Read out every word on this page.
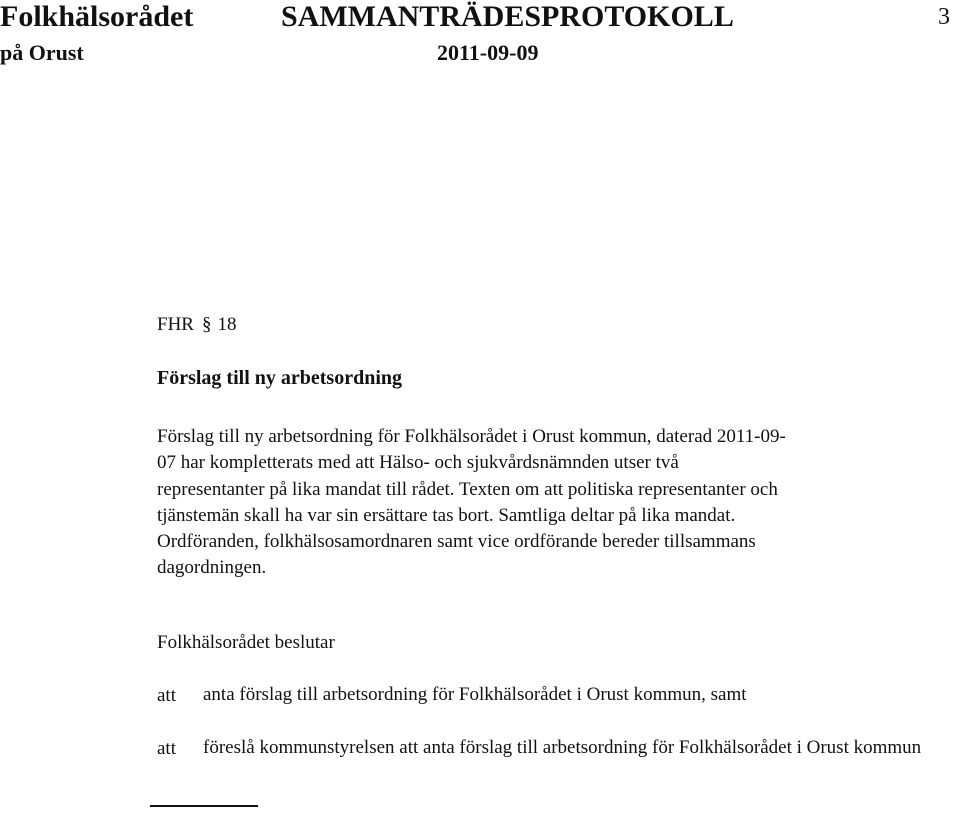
Folkhälsorådet	SAMMANTRÄDESPROTOKOLL	3
på Orust	2011-09-09
FHR § 18
Förslag till ny arbetsordning
Förslag till ny arbetsordning för Folkhälsorådet i Orust kommun, daterad 2011-09-
07 har kompletterats med att Hälso- och sjukvårdsnämnden utser två
representanter på lika mandat till rådet. Texten om att politiska representanter och
tjänstemän skall ha var sin ersättare tas bort. Samtliga deltar på lika mandat.
Ordföranden, folkhälsosamordnaren samt vice ordförande bereder tillsammans
dagordningen.
Folkhälsorådet beslutar
att anta förslag till arbetsordning för Folkhälsorådet i Orust kommun, samt
att föreslå kommunstyrelsen att anta förslag till arbetsordning för Folkhälsorådet i Orust kommun
